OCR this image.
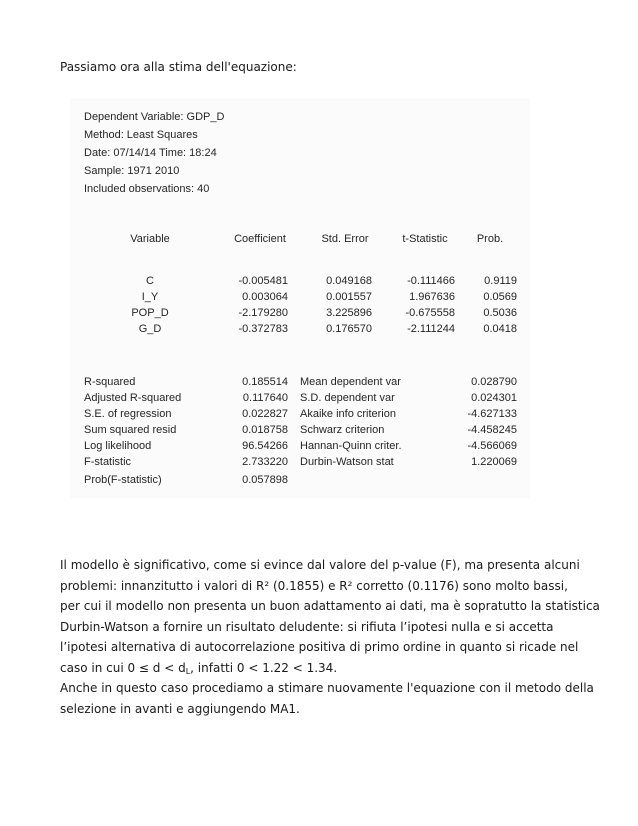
Passiamo ora alla stima dell'equazione:
Dependent Variable: GDP_D
Method: Least Squares
Date: 07/14/14 Time: 18:24
Sample: 1971 2010
Included observations: 40
Variable	Coefficient	Std. Error	t-Statistic	Prob.
C	-0.005481	0.049168	-0.111466	0.9119
I_Y	0.003064	0.001557	1.967636	0.0569
POP_D	-2.179280	3.225896	-0.675558	0.5036
G_D	-0.372783	0.176570	-2.111244	0.0418
R-squared	0.185514 Mean dependent var	0.028790
Adjusted R-squared	0.117640 S.D. dependent var	0.024301
S.E. of regression	0.022827 Akaike info criterion	-4.627133
Sum squared resid	0.018758 Schwarz criterion	-4.458245
Log likelihood	96.54266 Hannan-Quinn criter.	-4.566069
F-statistic	2.733220 Durbin-Watson stat	1.220069
Prob(F-statistic)	0.057898

Il modello è significativo, come si evince dal valore del p-value (F), ma presenta alcuni

problemi: innanzitutto i valori di R² (0.1855) e R² corretto (0.1176) sono molto bassi,

per cui il modello non presenta un buon adattamento ai dati, ma è sopratutto la statistica

Durbin-Watson a fornire un risultato deludente: si rifiuta l’ipotesi nulla e si accetta

l’ipotesi alternativa di autocorrelazione positiva di primo ordine in quanto si ricade nel

caso in cui $0 \le d < d_L$, infatti 0 < 1.22 < 1.34.

Anche in questo caso procediamo a stimare nuovamente l'equazione con il metodo della

selezione in avanti e aggiungendo MA1.
